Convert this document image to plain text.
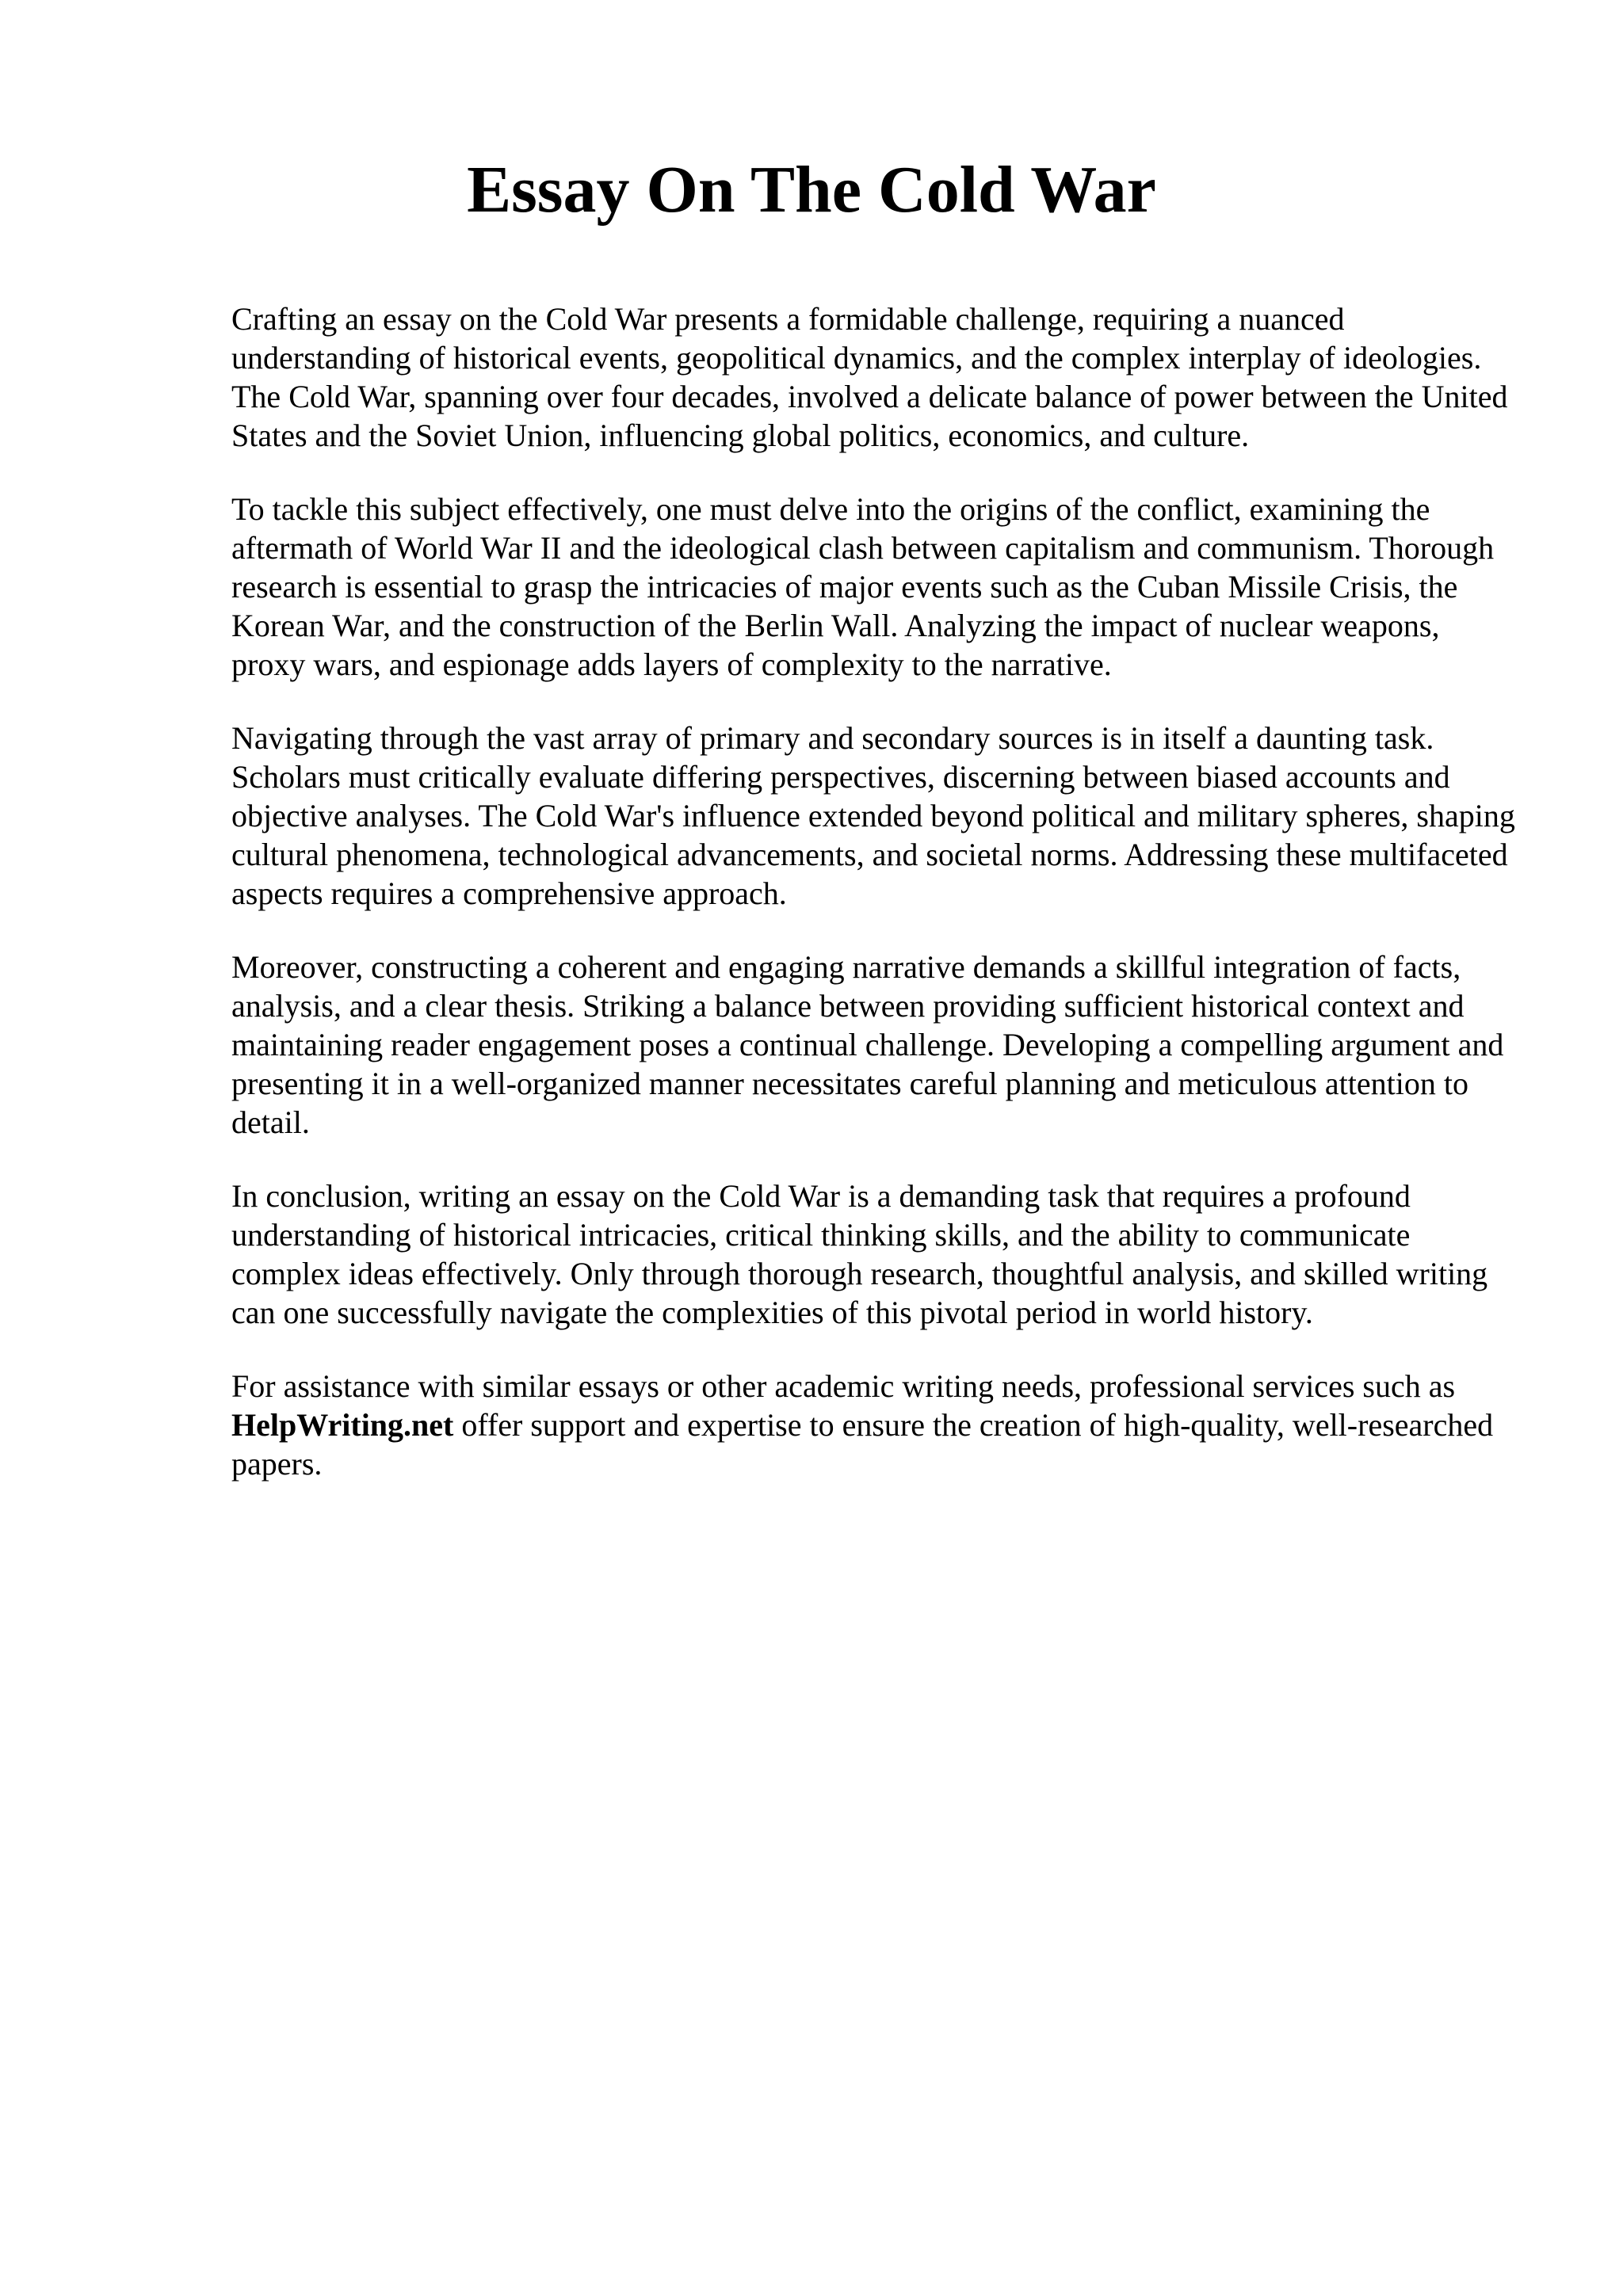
Essay On The Cold War

Crafting an essay on the Cold War presents a formidable challenge, requiring a nuanced understanding of historical events, geopolitical dynamics, and the complex interplay of ideologies. The Cold War, spanning over four decades, involved a delicate balance of power between the United States and the Soviet Union, influencing global politics, economics, and culture.

To tackle this subject effectively, one must delve into the origins of the conflict, examining the aftermath of World War II and the ideological clash between capitalism and communism. Thorough research is essential to grasp the intricacies of major events such as the Cuban Missile Crisis, the Korean War, and the construction of the Berlin Wall. Analyzing the impact of nuclear weapons, proxy wars, and espionage adds layers of complexity to the narrative.

Navigating through the vast array of primary and secondary sources is in itself a daunting task. Scholars must critically evaluate differing perspectives, discerning between biased accounts and objective analyses. The Cold War's influence extended beyond political and military spheres, shaping cultural phenomena, technological advancements, and societal norms. Addressing these multifaceted aspects requires a comprehensive approach.

Moreover, constructing a coherent and engaging narrative demands a skillful integration of facts, analysis, and a clear thesis. Striking a balance between providing sufficient historical context and maintaining reader engagement poses a continual challenge. Developing a compelling argument and presenting it in a well-organized manner necessitates careful planning and meticulous attention to detail.

In conclusion, writing an essay on the Cold War is a demanding task that requires a profound understanding of historical intricacies, critical thinking skills, and the ability to communicate complex ideas effectively. Only through thorough research, thoughtful analysis, and skilled writing can one successfully navigate the complexities of this pivotal period in world history.

For assistance with similar essays or other academic writing needs, professional services such as HelpWriting.net offer support and expertise to ensure the creation of high-quality, well-researched papers.
